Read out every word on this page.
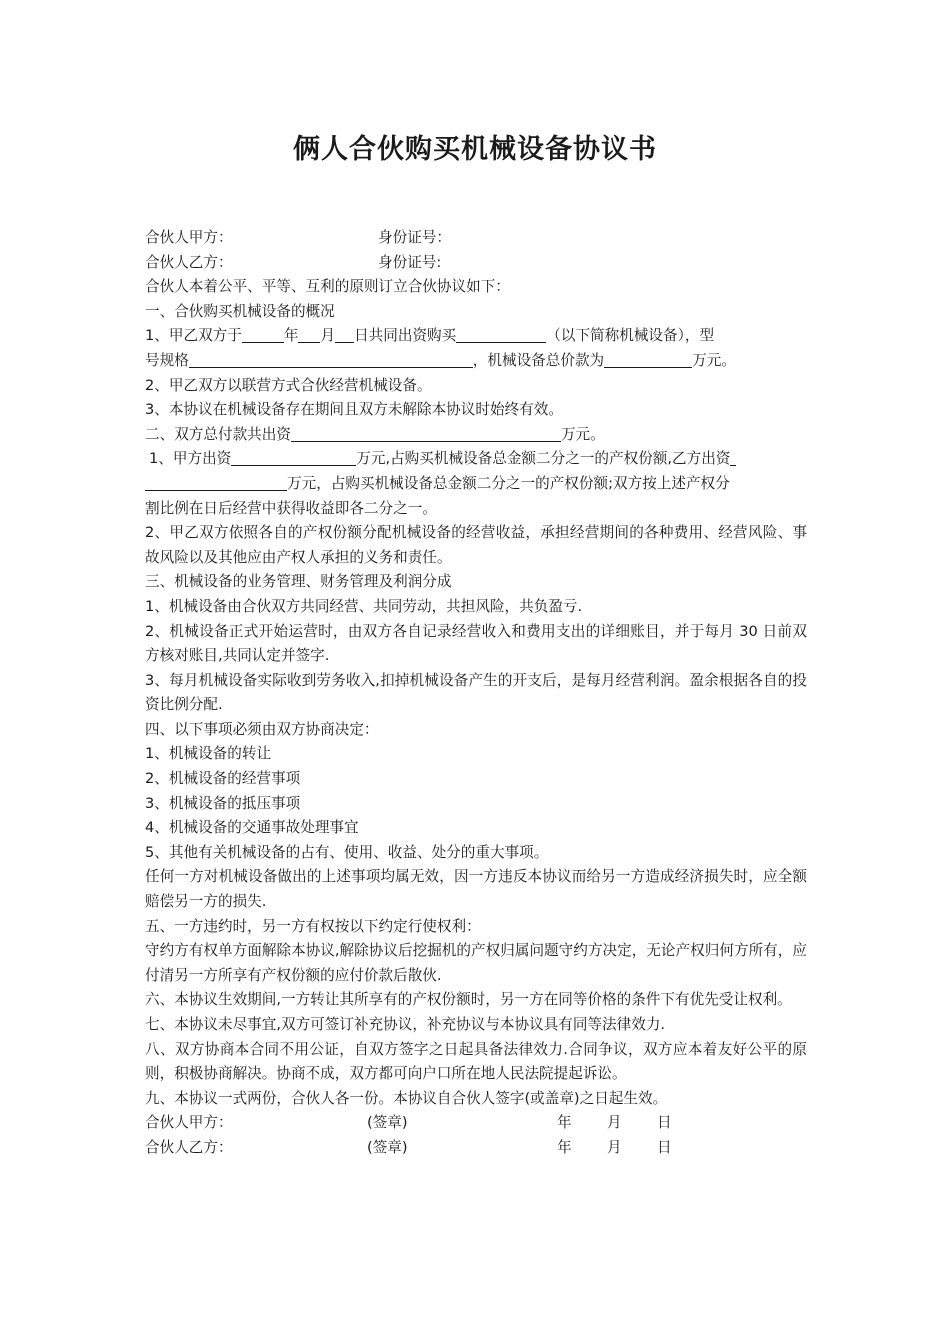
俩人合伙购买机械设备协议书
合伙人甲方：	身份证号：
合伙人乙方：	身份证号:
合伙人本着公平、平等、互利的原则订立合伙协议如下：
一、合伙购买机械设备的概况
1、甲乙双方于	年 月 日共同出资购买	（以下简称机械设备），型
号规格	，机械设备总价款为	万元。
2、甲乙双方以联营方式合伙经营机械设备。
3、本协议在机械设备存在期间且双方未解除本协议时始终有效。
二、双方总付款共出资	万元。
1、甲方出资	万元,占购买机械设备总金额二分之一的产权份额,乙方出资
万元，占购买机械设备总金额二分之一的产权份额;双方按上述产权分
割比例在日后经营中获得收益即各二分之一。
2、甲乙双方依照各自的产权份额分配机械设备的经营收益，承担经营期间的各种费用、经营风险、事故风险以及其他应由产权人承担的义务和责任。
三、机械设备的业务管理、财务管理及利润分成
1、机械设备由合伙双方共同经营、共同劳动，共担风险，共负盈亏.
2、机械设备正式开始运营时，由双方各自记录经营收入和费用支出的详细账目，并于每月 30 日前双方核对账目,共同认定并签字.
3、每月机械设备实际收到劳务收入,扣掉机械设备产生的开支后，是每月经营利润。盈余根据各自的投资比例分配.
四、以下事项必须由双方协商决定：
1、机械设备的转让
2、机械设备的经营事项
3、机械设备的抵压事项
4、机械设备的交通事故处理事宜
5、其他有关机械设备的占有、使用、收益、处分的重大事项。
任何一方对机械设备做出的上述事项均属无效，因一方违反本协议而给另一方造成经济损失时，应全额赔偿另一方的损失.
五、一方违约时，另一方有权按以下约定行使权利：
守约方有权单方面解除本协议,解除协议后挖掘机的产权归属问题守约方决定，无论产权归何方所有，应付清另一方所享有产权份额的应付价款后散伙.
六、本协议生效期间,一方转让其所享有的产权份额时，另一方在同等价格的条件下有优先受让权利。
七、本协议未尽事宜,双方可签订补充协议，补充协议与本协议具有同等法律效力.
八、双方协商本合同不用公证，自双方签字之日起具备法律效力.合同争议，双方应本着友好公平的原则，积极协商解决。协商不成，双方都可向户口所在地人民法院提起诉讼。
九、本协议一式两份，合伙人各一份。本协议自合伙人签字(或盖章)之日起生效。
合伙人甲方：	(签章)	年 月 日
合伙人乙方：	(签章)	年 月 日
